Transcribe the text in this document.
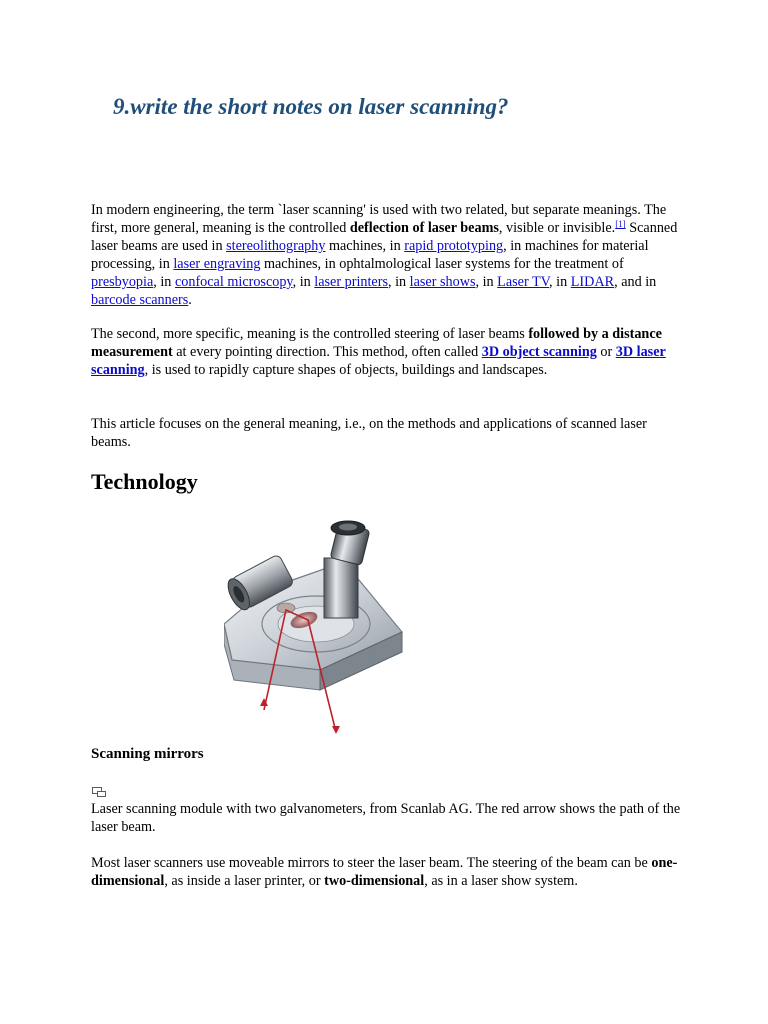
9.write the short notes on laser scanning?

In modern engineering, the term `laser scanning' is used with two related, but separate meanings. The first, more general, meaning is the controlled deflection of laser beams, visible or invisible.[1] Scanned laser beams are used in stereolithography machines, in rapid prototyping, in machines for material processing, in laser engraving machines, in ophtalmological laser systems for the treatment of presbyopia, in confocal microscopy, in laser printers, in laser shows, in Laser TV, in LIDAR, and in barcode scanners.

The second, more specific, meaning is the controlled steering of laser beams followed by a distance measurement at every pointing direction. This method, often called 3D object scanning or 3D laser scanning, is used to rapidly capture shapes of objects, buildings and landscapes.

This article focuses on the general meaning, i.e., on the methods and applications of scanned laser beams.

Technology
Scanning mirrors

Laser scanning module with two galvanometers, from Scanlab AG. The red arrow shows the path of the laser beam.

Most laser scanners use moveable mirrors to steer the laser beam. The steering of the beam can be one-dimensional, as inside a laser printer, or two-dimensional, as in a laser show system.
